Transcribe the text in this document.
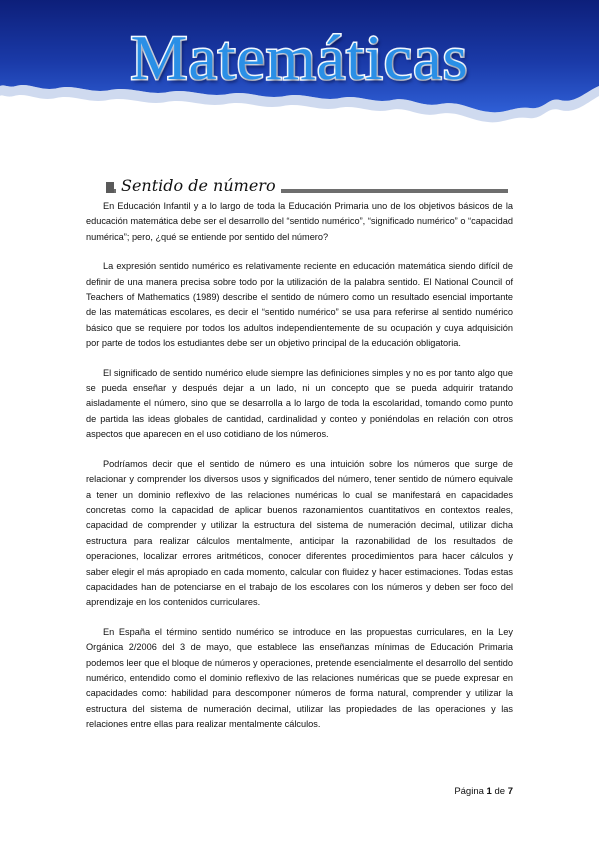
Matemáticas
Sentido de número

En Educación Infantil y a lo largo de toda la Educación Primaria uno de los objetivos básicos de la educación matemática debe ser el desarrollo del “sentido numérico”, “significado numérico” o “capacidad numérica”; pero, ¿qué se entiende por sentido del número?

La expresión sentido numérico es relativamente reciente en educación matemática siendo difícil de definir de una manera precisa sobre todo por la utilización de la palabra sentido. El National Council of Teachers of Mathematics (1989) describe el sentido de número como un resultado esencial importante de las matemáticas escolares, es decir el “sentido numérico” se usa para referirse al sentido numérico básico que se requiere por todos los adultos independientemente de su ocupación y cuya adquisición por parte de todos los estudiantes debe ser un objetivo principal de la educación obligatoria.

El significado de sentido numérico elude siempre las definiciones simples y no es por tanto algo que se pueda enseñar y después dejar a un lado, ni un concepto que se pueda adquirir tratando aisladamente el número, sino que se desarrolla a lo largo de toda la escolaridad, tomando como punto de partida las ideas globales de cantidad, cardinalidad y conteo y poniéndolas en relación con otros aspectos que aparecen en el uso cotidiano de los números.

Podríamos decir que el sentido de número es una intuición sobre los números que surge de relacionar y comprender los diversos usos y significados del número, tener sentido de número equivale a tener un dominio reflexivo de las relaciones numéricas lo cual se manifestará en capacidades concretas como la capacidad de aplicar buenos razonamientos cuantitativos en contextos reales, capacidad de comprender y utilizar la estructura del sistema de numeración decimal, utilizar dicha estructura para realizar cálculos mentalmente, anticipar la razonabilidad de los resultados de operaciones, localizar errores aritméticos, conocer diferentes procedimientos para hacer cálculos y saber elegir el más apropiado en cada momento, calcular con fluidez y hacer estimaciones. Todas estas capacidades han de potenciarse en el trabajo de los escolares con los números y deben ser foco del aprendizaje en los contenidos curriculares.

En España el término sentido numérico se introduce en las propuestas curriculares, en la Ley Orgánica 2/2006 del 3 de mayo, que establece las enseñanzas mínimas de Educación Primaria podemos leer que el bloque de números y operaciones, pretende esencialmente el desarrollo del sentido numérico, entendido como el dominio reflexivo de las relaciones numéricas que se puede expresar en capacidades como: habilidad para descomponer números de forma natural, comprender y utilizar la estructura del sistema de numeración decimal, utilizar las propiedades de las operaciones y las relaciones entre ellas para realizar mentalmente cálculos.

Página 1 de 7
